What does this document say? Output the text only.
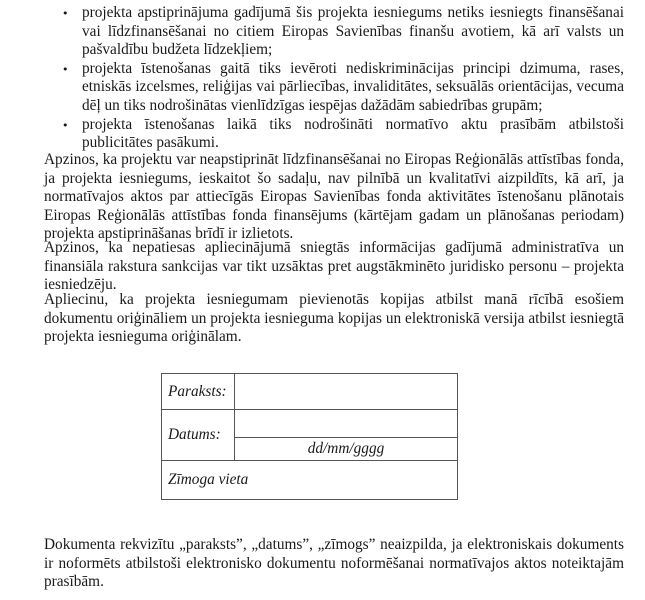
•
projekta apstiprinājuma gadījumā šis projekta iesniegums netiks iesniegts finansēšanai vai līdzfinansēšanai no citiem Eiropas Savienības finanšu avotiem, kā arī valsts un pašvaldību budžeta līdzekļiem;
•
projekta īstenošanas gaitā tiks ievēroti nediskriminācijas principi dzimuma, rases, etniskās izcelsmes, reliģijas vai pārliecības, invaliditātes, seksuālās orientācijas, vecuma dēļ un tiks nodrošinātas vienlīdzīgas iespējas dažādām sabiedrības grupām;
•
projekta īstenošanas laikā tiks nodrošināti normatīvo aktu prasībām atbilstoši publicitātes pasākumi.

Apzinos, ka projektu var neapstiprināt līdzfinansēšanai no Eiropas Reģionālās attīstības fonda, ja projekta iesniegums, ieskaitot šo sadaļu, nav pilnībā un kvalitatīvi aizpildīts, kā arī, ja normatīvajos aktos par attiecīgās Eiropas Savienības fonda aktivitātes īstenošanu plānotais Eiropas Reģionālās attīstības fonda finansējums (kārtējam gadam un plānošanas periodam) projekta apstiprināšanas brīdī ir izlietots.

Apzinos, ka nepatiesas apliecinājumā sniegtās informācijas gadījumā administratīva un finansiāla rakstura sankcijas var tikt uzsāktas pret augstākminēto juridisko personu – projekta iesniedzēju.

Apliecinu, ka projekta iesniegumam pievienotās kopijas atbilst manā rīcībā esošiem dokumentu oriģināliem un projekta iesnieguma kopijas un elektroniskā versija atbilst iesniegtā projekta iesnieguma oriģinālam.

Paraksts:	
Datums:	
	dd/mm/gggg
Zīmoga vieta	

Dokumenta rekvizītu „paraksts”, „datums”, „zīmogs” neaizpilda, ja elektroniskais dokuments ir noformēts atbilstoši elektronisko dokumentu noformēšanai normatīvajos aktos noteiktajām prasībām.
